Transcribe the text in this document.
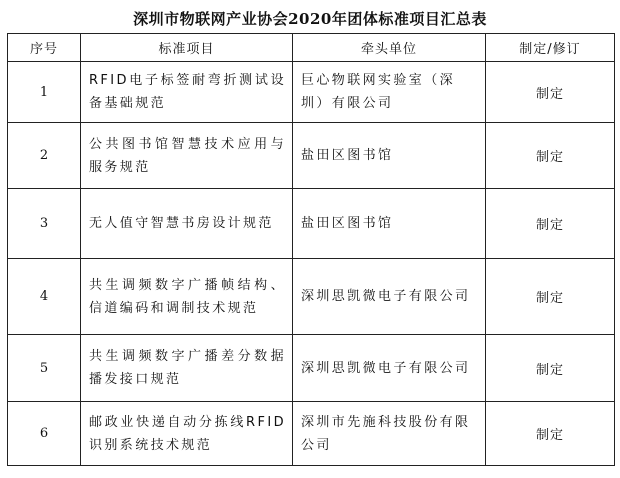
深圳市物联网产业协会2020年团体标准项目汇总表
序号	标准项目	牵头单位	制定/修订
1	RFID电子标签耐弯折测试设备基础规范	巨心物联网实验室（深圳）有限公司	制定
2	公共图书馆智慧技术应用与服务规范	盐田区图书馆	制定
3	无人值守智慧书房设计规范	盐田区图书馆	制定
4	共生调频数字广播帧结构、信道编码和调制技术规范	深圳思凯微电子有限公司	制定
5	共生调频数字广播差分数据播发接口规范	深圳思凯微电子有限公司	制定
6	邮政业快递自动分拣线RFID识别系统技术规范	深圳市先施科技股份有限公司	制定
